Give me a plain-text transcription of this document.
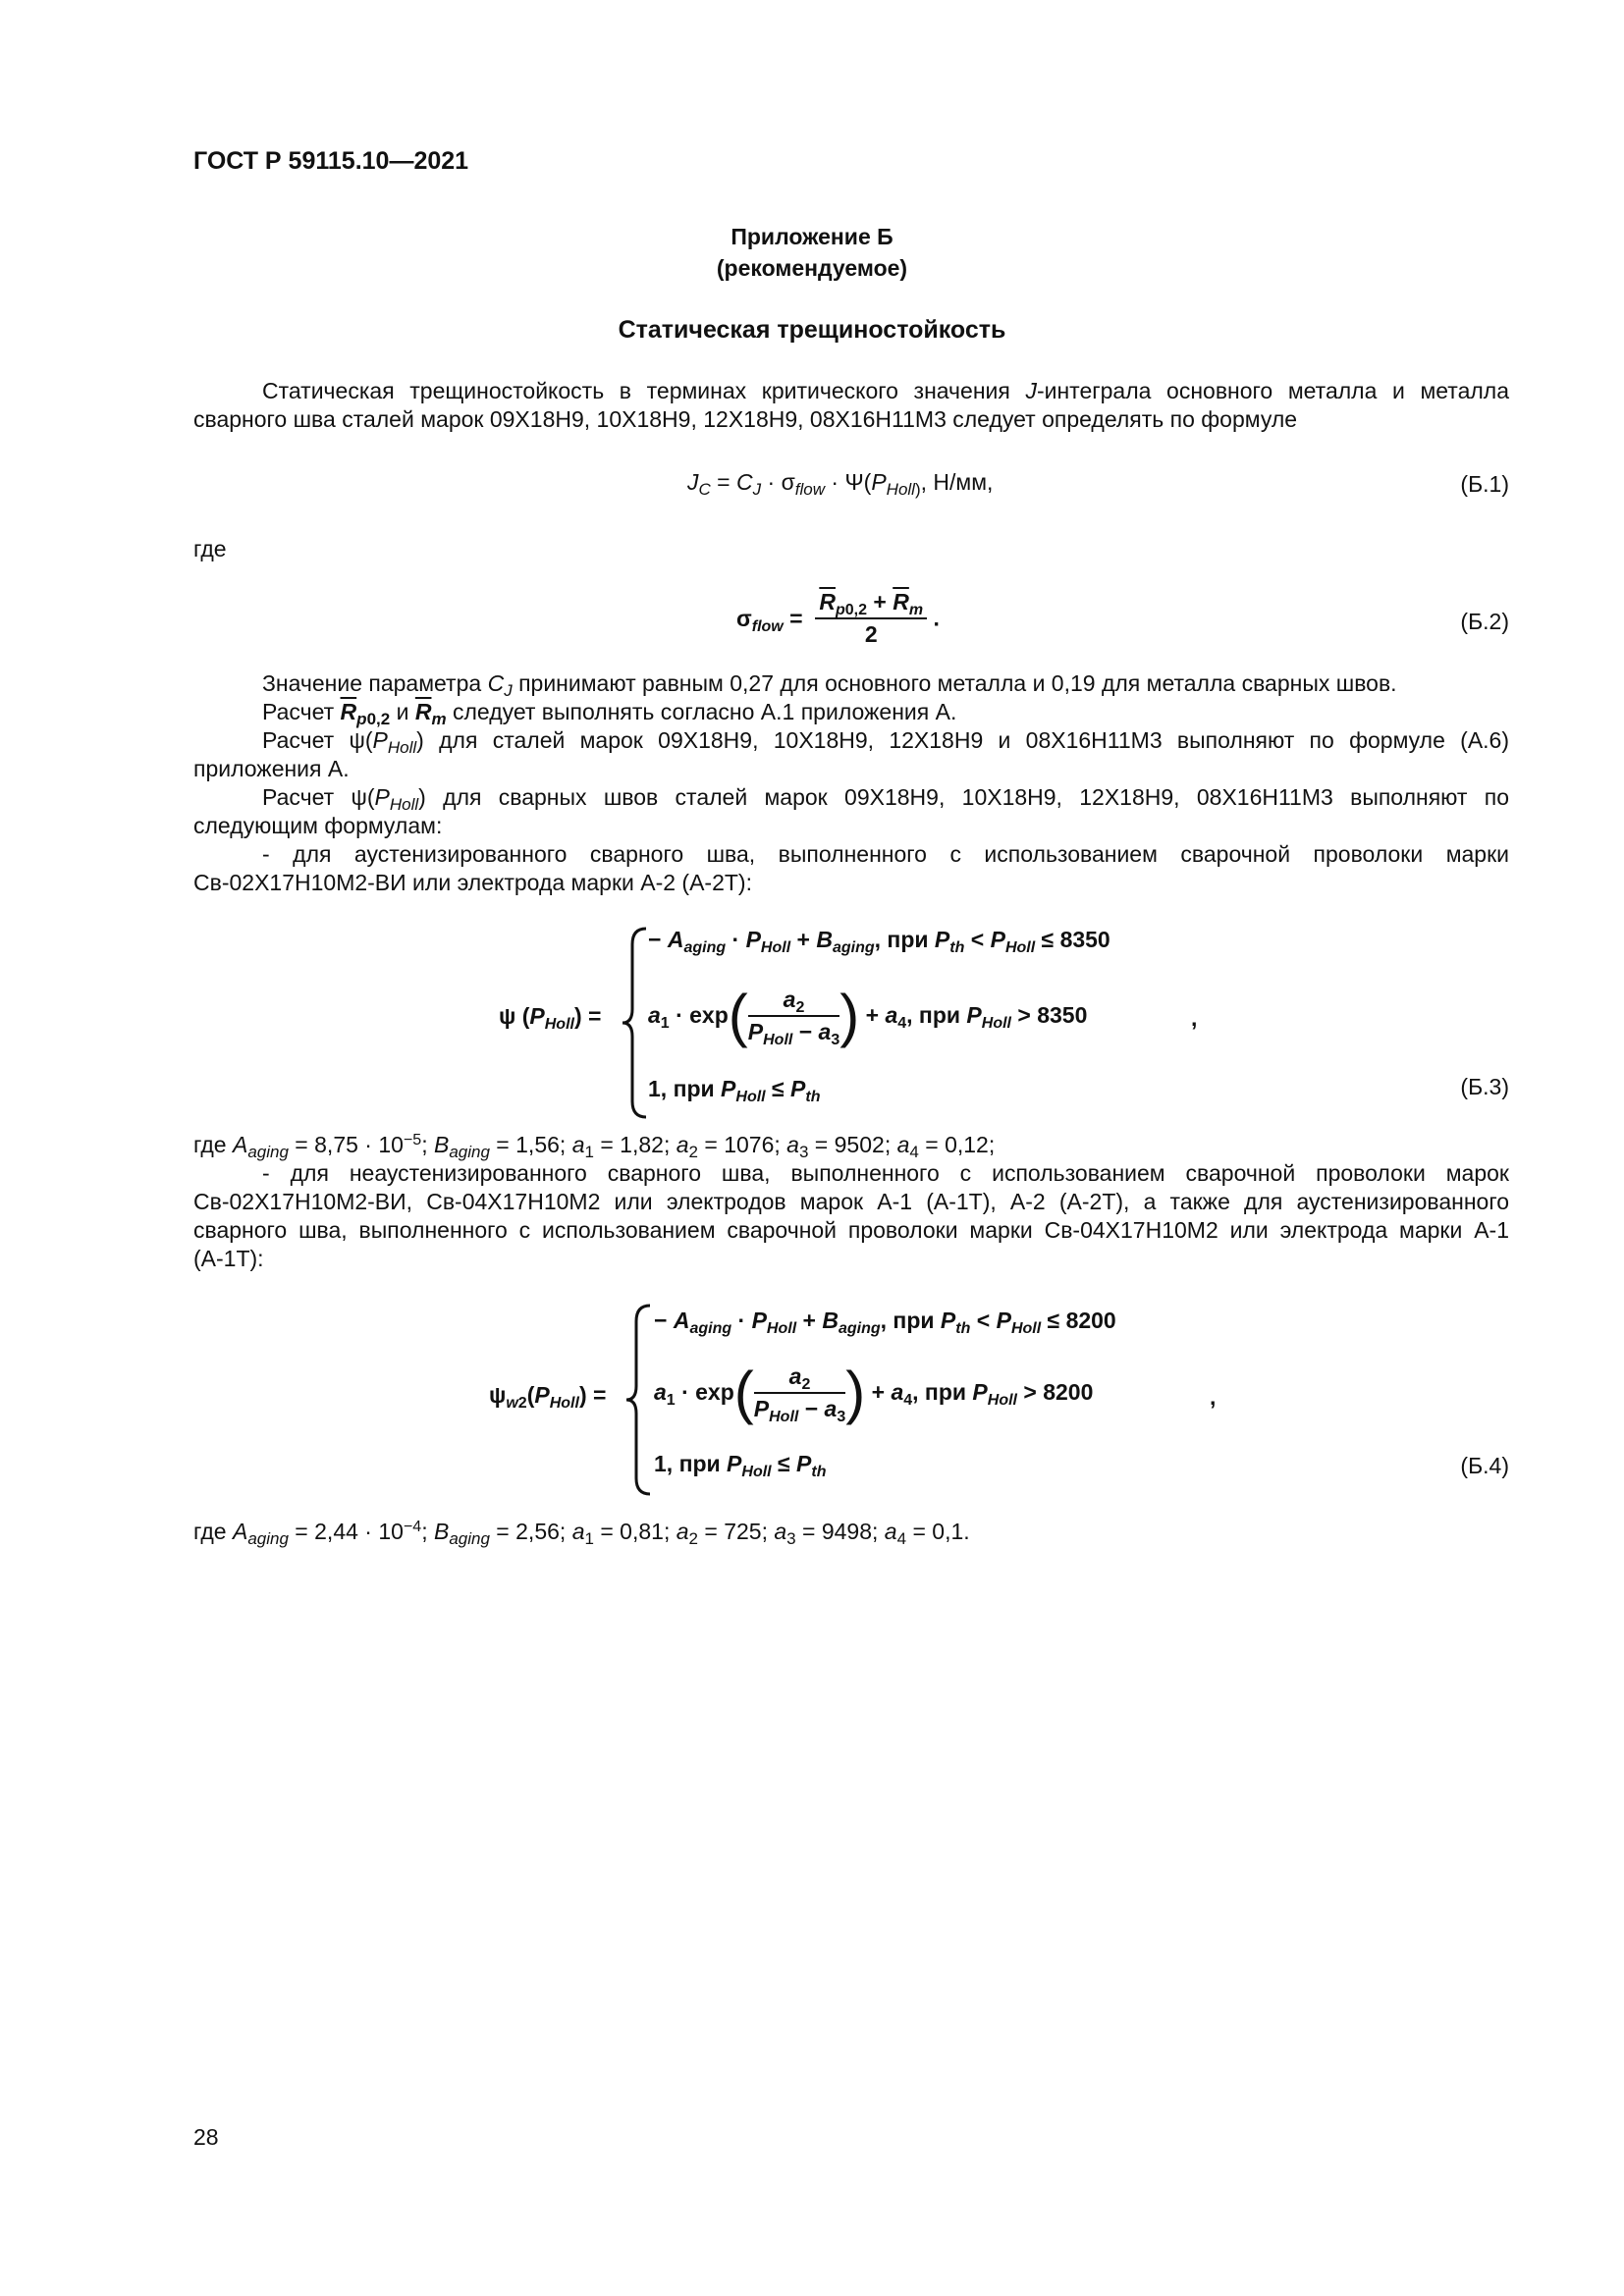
ГОСТ Р 59115.10—2021
Приложение Б
(рекомендуемое)
Статическая трещиностойкость
Статическая трещиностойкость в терминах критического значения J-интеграла основного металла и металла сварного шва сталей марок 09Х18Н9, 10Х18Н9, 12Х18Н9, 08Х16Н11М3 следует определять по формуле
$J_C = C_J \cdot \sigma_{flow} \cdot \Psi(P_{Holl)}$, Н/мм,	(Б.1)
где
$\sigma_{flow} = \frac{\overline{R}_{p0,2} + \overline{R}_m}{2}$ .	(Б.2)
Значение параметра $C_J$ принимают равным 0,27 для основного металла и 0,19 для металла сварных швов.
Расчет $\overline{R}_{p0,2}$ и $\overline{R}_m$ следует выполнять согласно А.1 приложения А.
Расчет $\psi(P_{Holl})$ для сталей марок 09Х18Н9, 10Х18Н9, 12Х18Н9 и 08Х16Н11М3 выполняют по формуле (А.6) приложения А.
Расчет $\psi(P_{Holl})$ для сварных швов сталей марок 09Х18Н9, 10Х18Н9, 12Х18Н9, 08Х16Н11М3 выполняют по следующим формулам:
- для аустенизированного сварного шва, выполненного с использованием сварочной проволоки марки Св-02Х17Н10М2-ВИ или электрода марки А-2 (А-2Т):
ψ $(P_{Holl})$ =
− $A_{aging} \cdot P_{Holl} + B_{aging}$, при $P_{th} < P_{Holl} \le 8350$
$a_1 \cdot \exp( \frac{a_2}{P_{Holl} - a_3}$ ) + $a_4$, при $P_{Holl} > 8350$	,
1, при $P_{Holl} \le P_{th}$	(Б.3)
где $A_{aging} = 8,75 \cdot 10^{-5}$; $B_{aging} = 1,56$; $a_1 = 1,82$; $a_2 = 1076$; $a_3 = 9502$; $a_4 = 0,12$;
- для неаустенизированного сварного шва, выполненного с использованием сварочной проволоки марок Св-02Х17Н10М2-ВИ, Св-04Х17Н10М2 или электродов марок А-1 (А-1Т), А-2 (А-2Т), а также для аустенизированного сварного шва, выполненного с использованием сварочной проволоки марки Св-04Х17Н10М2 или электрода марки А-1 (А-1Т):
$\psi_{w2}(P_{Holl})$ =
− $A_{aging} \cdot P_{Holl} + B_{aging}$, при $P_{th} < P_{Holl} \le 8200$
$a_1 \cdot \exp( \frac{a_2}{P_{Holl} - a_3}$ ) + $a_4$, при $P_{Holl} > 8200$	,
1, при $P_{Holl} \le P_{th}$	(Б.4)
где $A_{aging} = 2,44 \cdot 10^{-4}$; $B_{aging} = 2,56$; $a_1 = 0,81$; $a_2 = 725$; $a_3 = 9498$; $a_4 = 0,1$.
28
